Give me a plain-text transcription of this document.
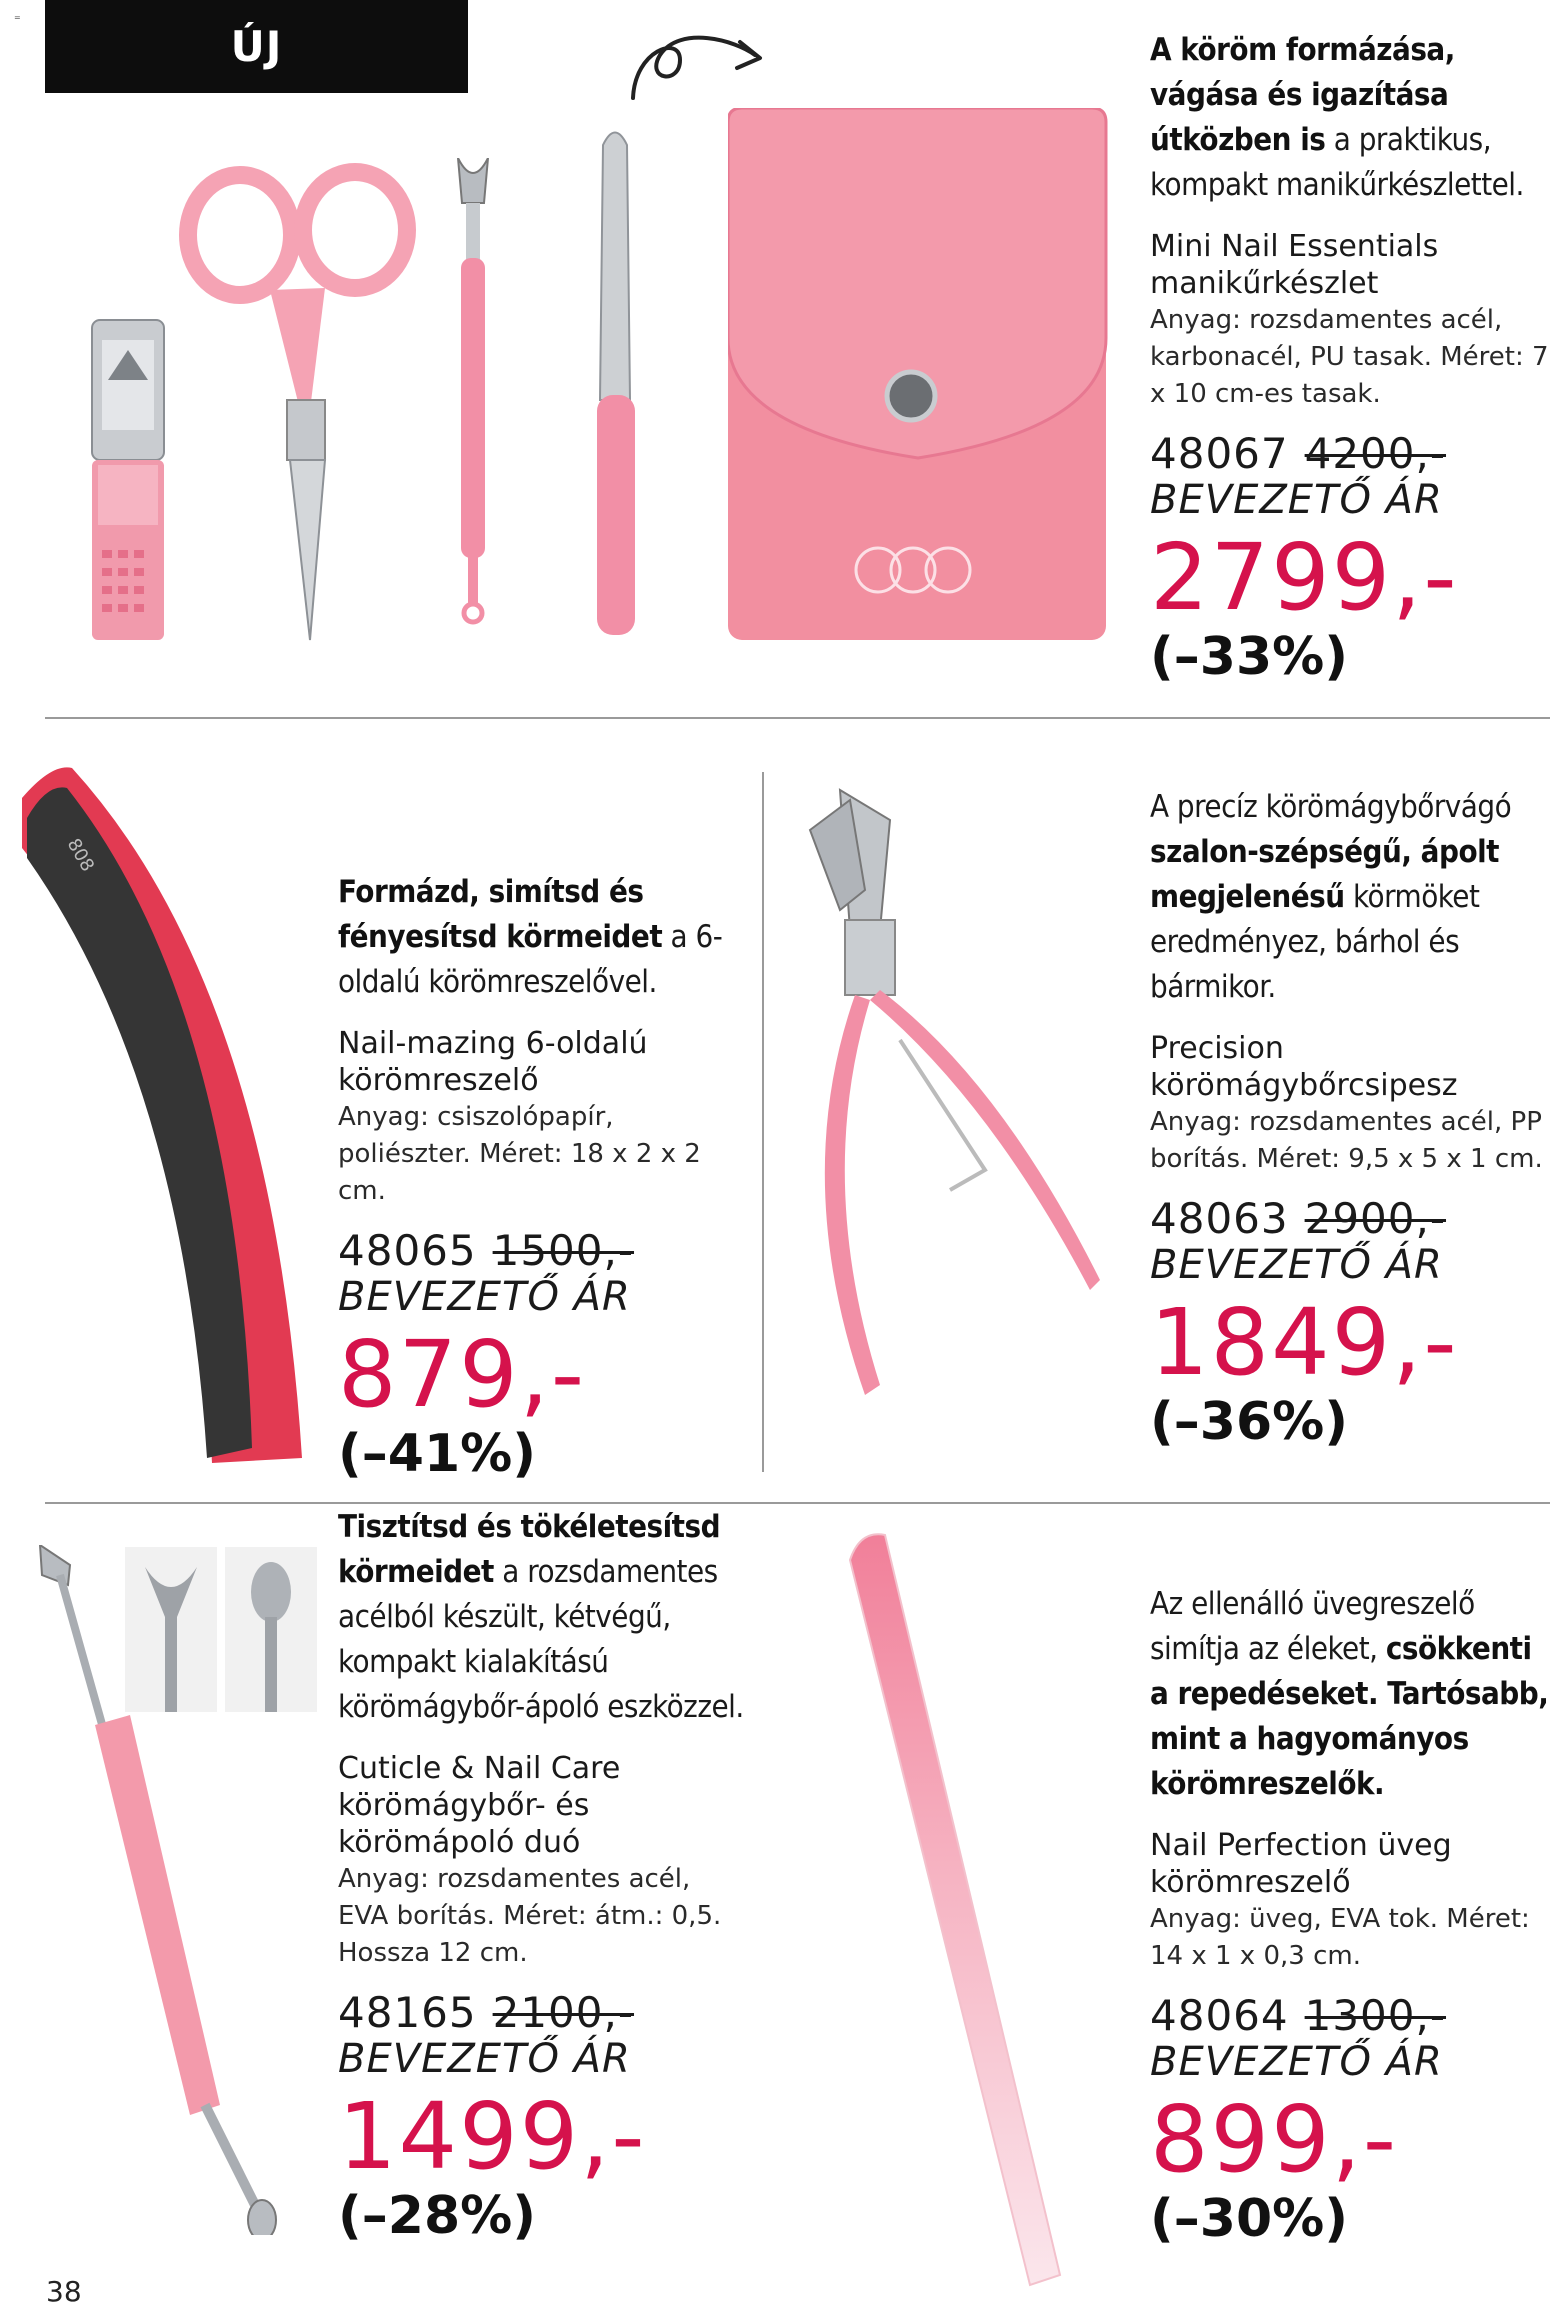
=
ÚJ
808
A köröm formázása, vágása és igazítása útközben is a praktikus, kompakt manikűrkészlettel.
Mini Nail Essentials manikűrkészlet
Anyag: rozsdamentes acél, karbonacél, PU tasak. Méret: 7 x 10 cm-es tasak.
48067 4200,-
BEVEZETŐ ÁR
2799,-
(–33%)
Formázd, simítsd és fényesítsd körmeidet a 6-oldalú körömreszelővel.
Nail-mazing 6-oldalú körömreszelő
Anyag: csiszolópapír, poliészter. Méret: 18 x 2 x 2 cm.
48065 1500,-
BEVEZETŐ ÁR
879,-
(–41%)
A precíz körömágybőrvágó szalon-szépségű, ápolt megjelenésű körmöket eredményez, bárhol és bármikor.
Precision körömágybőrcsipesz
Anyag: rozsdamentes acél, PP borítás. Méret: 9,5 x 5 x 1 cm.
48063 2900,-
BEVEZETŐ ÁR
1849,-
(–36%)
Tisztítsd és tökéletesítsd körmeidet a rozsdamentes acélból készült, kétvégű, kompakt kialakítású körömágybőr-ápoló eszközzel.
Cuticle & Nail Care körömágybőr- és körömápoló duó
Anyag: rozsdamentes acél, EVA borítás. Méret: átm.: 0,5. Hossza 12 cm.
48165 2100,-
BEVEZETŐ ÁR
1499,-
(–28%)
Az ellenálló üvegreszelő simítja az éleket, csökkenti a repedéseket. Tartósabb, mint a hagyományos körömreszelők.
Nail Perfection üveg körömreszelő
Anyag: üveg, EVA tok. Méret: 14 x 1 x 0,3 cm.
48064 1300,-
BEVEZETŐ ÁR
899,-
(–30%)
38
